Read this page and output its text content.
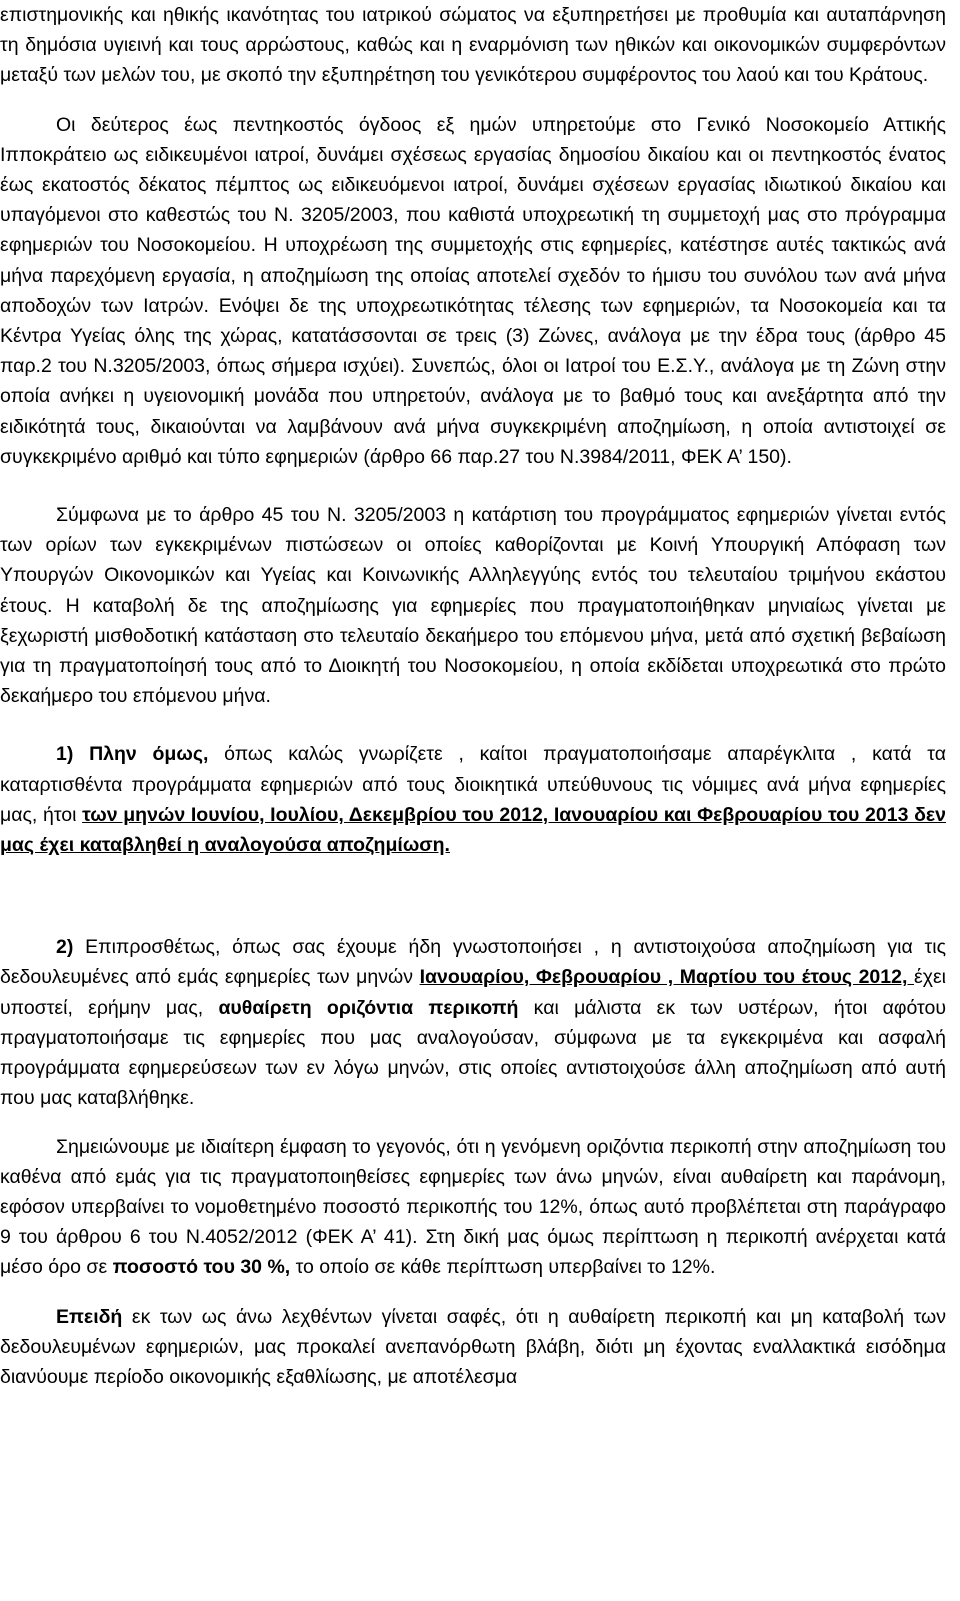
επιστημονικής και ηθικής ικανότητας του ιατρικού σώματος να εξυπηρετήσει με προθυμία και αυταπάρνηση τη δημόσια υγιεινή και τους αρρώστους, καθώς και η εναρμόνιση των ηθικών και οικονομικών συμφερόντων μεταξύ των μελών του, με σκοπό την εξυπηρέτηση του γενικότερου συμφέροντος του λαού και του Κράτους.

Οι δεύτερος έως πεντηκοστός όγδοος εξ ημών υπηρετούμε στο Γενικό Νοσοκομείο Αττικής Ιπποκράτειο ως ειδικευμένοι ιατροί, δυνάμει σχέσεως εργασίας δημοσίου δικαίου και οι πεντηκοστός ένατος έως εκατοστός δέκατος πέμπτος ως ειδικευόμενοι ιατροί, δυνάμει σχέσεων εργασίας ιδιωτικού δικαίου και υπαγόμενοι στο καθεστώς του Ν. 3205/2003, που καθιστά υποχρεωτική τη συμμετοχή μας στο πρόγραμμα εφημεριών του Νοσοκομείου. Η υποχρέωση της συμμετοχής στις εφημερίες, κατέστησε αυτές τακτικώς ανά μήνα παρεχόμενη εργασία, η αποζημίωση της οποίας αποτελεί σχεδόν το ήμισυ του συνόλου των ανά μήνα αποδοχών των Ιατρών. Ενόψει δε της υποχρεωτικότητας τέλεσης των εφημεριών, τα Νοσοκομεία και τα Κέντρα Υγείας όλης της χώρας, κατατάσσονται σε τρεις (3) Ζώνες, ανάλογα με την έδρα τους (άρθρο 45 παρ.2 του Ν.3205/2003, όπως σήμερα ισχύει). Συνεπώς, όλοι οι Ιατροί του Ε.Σ.Υ., ανάλογα με τη Ζώνη στην οποία ανήκει η υγειονομική μονάδα που υπηρετούν, ανάλογα με το βαθμό τους και ανεξάρτητα από την ειδικότητά τους, δικαιούνται να λαμβάνουν ανά μήνα συγκεκριμένη αποζημίωση, η οποία αντιστοιχεί σε συγκεκριμένο αριθμό και τύπο εφημεριών (άρθρο 66 παρ.27 του Ν.3984/2011, ΦΕΚ Α’ 150).

Σύμφωνα με το άρθρο 45 του Ν. 3205/2003 η κατάρτιση του προγράμματος εφημεριών γίνεται εντός των ορίων των εγκεκριμένων πιστώσεων οι οποίες καθορίζονται με Κοινή Υπουργική Απόφαση των Υπουργών Οικονομικών και Υγείας και Κοινωνικής Αλληλεγγύης εντός του τελευταίου τριμήνου εκάστου έτους. Η καταβολή δε της αποζημίωσης για εφημερίες που πραγματοποιήθηκαν μηνιαίως γίνεται με ξεχωριστή μισθοδοτική κατάσταση στο τελευταίο δεκαήμερο του επόμενου μήνα, μετά από σχετική βεβαίωση για τη πραγματοποίησή τους από το Διοικητή του Νοσοκομείου, η οποία εκδίδεται υποχρεωτικά στο πρώτο δεκαήμερο του επόμενου μήνα.

1) Πλην όμως, όπως καλώς γνωρίζετε , καίτοι πραγματοποιήσαμε απαρέγκλιτα , κατά τα καταρτισθέντα προγράμματα εφημεριών από τους διοικητικά υπεύθυνους τις νόμιμες ανά μήνα εφημερίες μας, ήτοι των μηνών Ιουνίου, Ιουλίου, Δεκεμβρίου του 2012, Ιανουαρίου και Φεβρουαρίου του 2013 δεν μας έχει καταβληθεί η αναλογούσα αποζημίωση.

2) Επιπροσθέτως, όπως σας έχουμε ήδη γνωστοποιήσει , η αντιστοιχούσα αποζημίωση για τις δεδουλευμένες από εμάς εφημερίες των μηνών Ιανουαρίου, Φεβρουαρίου , Μαρτίου του έτους 2012, έχει υποστεί, ερήμην μας, αυθαίρετη οριζόντια περικοπή και μάλιστα εκ των υστέρων, ήτοι αφότου πραγματοποιήσαμε τις εφημερίες που μας αναλογούσαν, σύμφωνα με τα εγκεκριμένα και ασφαλή προγράμματα εφημερεύσεων των εν λόγω μηνών, στις οποίες αντιστοιχούσε άλλη αποζημίωση από αυτή που μας καταβλήθηκε.

Σημειώνουμε με ιδιαίτερη έμφαση το γεγονός, ότι η γενόμενη οριζόντια περικοπή στην αποζημίωση του καθένα από εμάς για τις πραγματοποιηθείσες εφημερίες των άνω μηνών, είναι αυθαίρετη και παράνομη, εφόσον υπερβαίνει το νομοθετημένο ποσοστό περικοπής του 12%, όπως αυτό προβλέπεται στη παράγραφο 9 του άρθρου 6 του Ν.4052/2012 (ΦΕΚ Α’ 41). Στη δική μας όμως περίπτωση η περικοπή ανέρχεται κατά μέσο όρο σε ποσοστό του 30 %, το οποίο σε κάθε περίπτωση υπερβαίνει το 12%.

Επειδή εκ των ως άνω λεχθέντων γίνεται σαφές, ότι η αυθαίρετη περικοπή και μη καταβολή των δεδουλευμένων εφημεριών, μας προκαλεί ανεπανόρθωτη βλάβη, διότι μη έχοντας εναλλακτικά εισόδημα διανύουμε περίοδο οικονομικής εξαθλίωσης, με αποτέλεσμα
